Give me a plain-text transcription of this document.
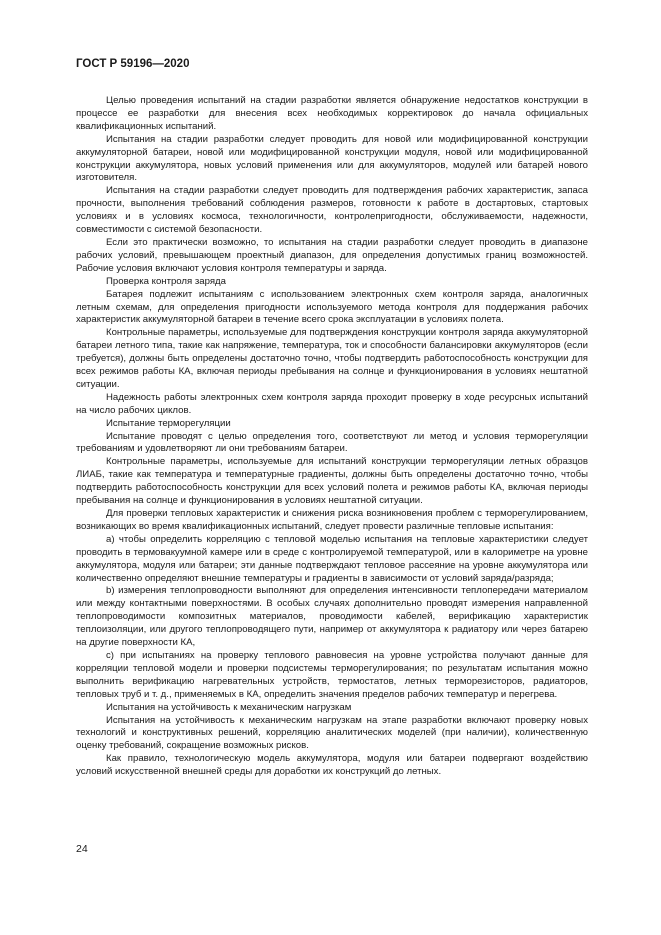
ГОСТ Р 59196—2020

Целью проведения испытаний на стадии разработки является обнаружение недостатков конструкции в процессе ее разработки для внесения всех необходимых корректировок до начала официальных квалификационных испытаний.

Испытания на стадии разработки следует проводить для новой или модифицированной конструкции аккумуляторной батареи, новой или модифицированной конструкции модуля, новой или модифицированной конструкции аккумулятора, новых условий применения или для аккумуляторов, модулей или батарей нового изготовителя.

Испытания на стадии разработки следует проводить для подтверждения рабочих характеристик, запаса прочности, выполнения требований соблюдения размеров, готовности к работе в достартовых, стартовых условиях и в условиях космоса, технологичности, контролепригодности, обслуживаемости, надежности, совместимости с системой безопасности.

Если это практически возможно, то испытания на стадии разработки следует проводить в диапазоне рабочих условий, превышающем проектный диапазон, для определения допустимых границ возможностей. Рабочие условия включают условия контроля температуры и заряда.

Проверка контроля заряда

Батарея подлежит испытаниям с использованием электронных схем контроля заряда, аналогичных летным схемам, для определения пригодности используемого метода контроля для поддержания рабочих характеристик аккумуляторной батареи в течение всего срока эксплуатации в условиях полета.

Контрольные параметры, используемые для подтверждения конструкции контроля заряда аккумуляторной батареи летного типа, такие как напряжение, температура, ток и способности балансировки аккумуляторов (если требуется), должны быть определены достаточно точно, чтобы подтвердить работоспособность конструкции для всех режимов работы КА, включая периоды пребывания на солнце и функционирования в условиях нештатной ситуации.

Надежность работы электронных схем контроля заряда проходит проверку в ходе ресурсных испытаний на число рабочих циклов.

Испытание терморегуляции

Испытание проводят с целью определения того, соответствуют ли метод и условия терморегуляции требованиям и удовлетворяют ли они требованиям батареи.

Контрольные параметры, используемые для испытаний конструкции терморегуляции летных образцов ЛИАБ, такие как температура и температурные градиенты, должны быть определены достаточно точно, чтобы подтвердить работоспособность конструкции для всех условий полета и режимов работы КА, включая периоды пребывания на солнце и функционирования в условиях нештатной ситуации.

Для проверки тепловых характеристик и снижения риска возникновения проблем с терморегулированием, возникающих во время квалификационных испытаний, следует провести различные тепловые испытания:

a) чтобы определить корреляцию с тепловой моделью испытания на тепловые характеристики следует проводить в термовакуумной камере или в среде с контролируемой температурой, или в калориметре на уровне аккумулятора, модуля или батареи; эти данные подтверждают тепловое рассеяние на уровне аккумулятора или количественно определяют внешние температуры и градиенты в зависимости от условий заряда/разряда;

b) измерения теплопроводности выполняют для определения интенсивности теплопередачи материалом или между контактными поверхностями. В особых случаях дополнительно проводят измерения направленной теплопроводимости композитных материалов, проводимости кабелей, верификацию характеристик теплоизоляции, или другого теплопроводящего пути, например от аккумулятора к радиатору или через батарею на другие поверхности КА,

c) при испытаниях на проверку теплового равновесия на уровне устройства получают данные для корреляции тепловой модели и проверки подсистемы терморегулирования; по результатам испытания можно выполнить верификацию нагревательных устройств, термостатов, летных терморезисторов, радиаторов, тепловых труб и т. д., применяемых в КА, определить значения пределов рабочих температур и перегрева.

Испытания на устойчивость к механическим нагрузкам

Испытания на устойчивость к механическим нагрузкам на этапе разработки включают проверку новых технологий и конструктивных решений, корреляцию аналитических моделей (при наличии), количественную оценку требований, сокращение возможных рисков.

Как правило, технологическую модель аккумулятора, модуля или батареи подвергают воздействию условий искусственной внешней среды для доработки их конструкций до летных.

24
